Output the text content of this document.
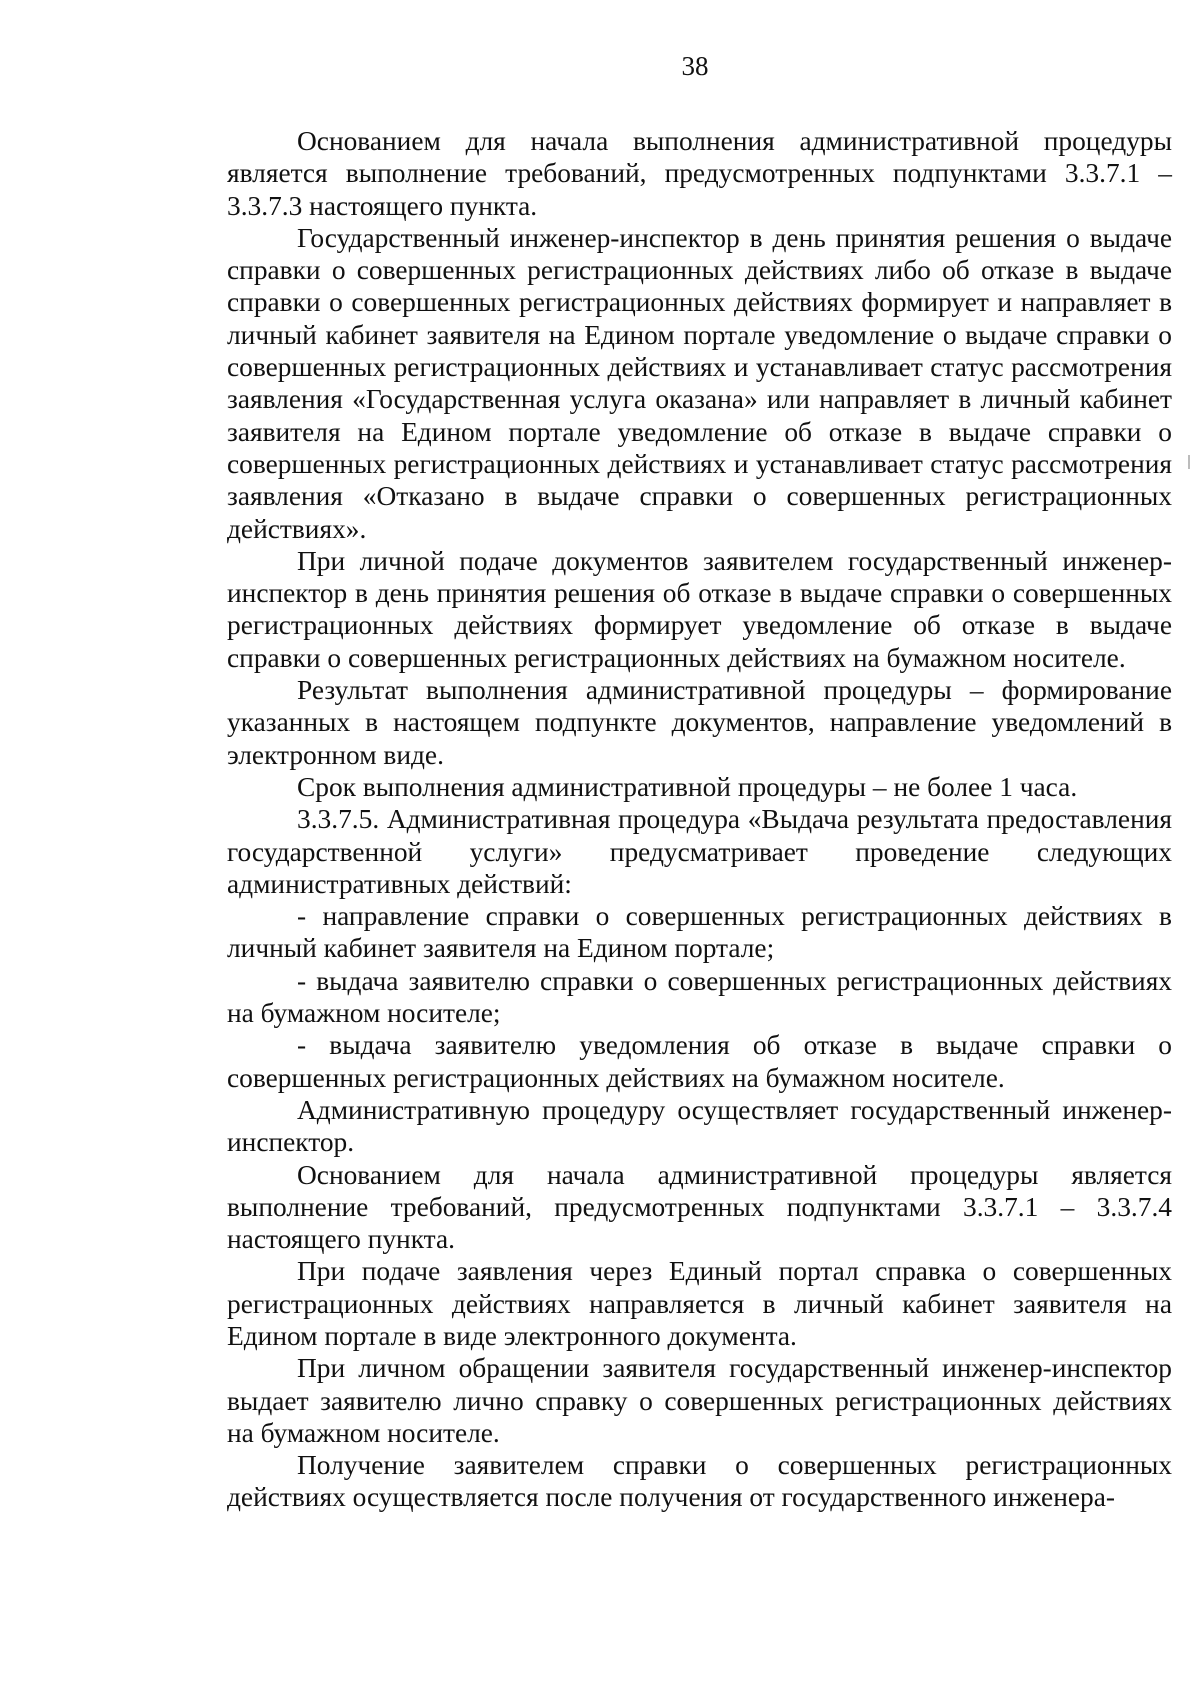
38

Основанием для начала выполнения административной процедуры является выполнение требований, предусмотренных подпунктами 3.3.7.1 – 3.3.7.3 настоящего пункта.

Государственный инженер-инспектор в день принятия решения о выдаче справки о совершенных регистрационных действиях либо об отказе в выдаче справки о совершенных регистрационных действиях формирует и направляет в личный кабинет заявителя на Едином портале уведомление о выдаче справки о совершенных регистрационных действиях и устанавливает статус рассмотрения заявления «Государственная услуга оказана» или направляет в личный кабинет заявителя на Едином портале уведомление об отказе в выдаче справки о совершенных регистрационных действиях и устанавливает статус рассмотрения заявления «Отказано в выдаче справки о совершенных регистрационных действиях».

При личной подаче документов заявителем государственный инженер-инспектор в день принятия решения об отказе в выдаче справки о совершенных регистрационных действиях формирует уведомление об отказе в выдаче справки о совершенных регистрационных действиях на бумажном носителе.

Результат выполнения административной процедуры – формирование указанных в настоящем подпункте документов, направление уведомлений в электронном виде.

Срок выполнения административной процедуры – не более 1 часа.

3.3.7.5. Административная процедура «Выдача результата предоставления государственной услуги» предусматривает проведение следующих административных действий:

- направление справки о совершенных регистрационных действиях в личный кабинет заявителя на Едином портале;

- выдача заявителю справки о совершенных регистрационных действиях на бумажном носителе;

- выдача заявителю уведомления об отказе в выдаче справки о совершенных регистрационных действиях на бумажном носителе.

Административную процедуру осуществляет государственный инженер-инспектор.

Основанием для начала административной процедуры является выполнение требований, предусмотренных подпунктами 3.3.7.1 – 3.3.7.4 настоящего пункта.

При подаче заявления через Единый портал справка о совершенных регистрационных действиях направляется в личный кабинет заявителя на Едином портале в виде электронного документа.

При личном обращении заявителя государственный инженер-инспектор выдает заявителю лично справку о совершенных регистрационных действиях на бумажном носителе.

Получение заявителем справки о совершенных регистрационных действиях осуществляется после получения от государственного инженера-
